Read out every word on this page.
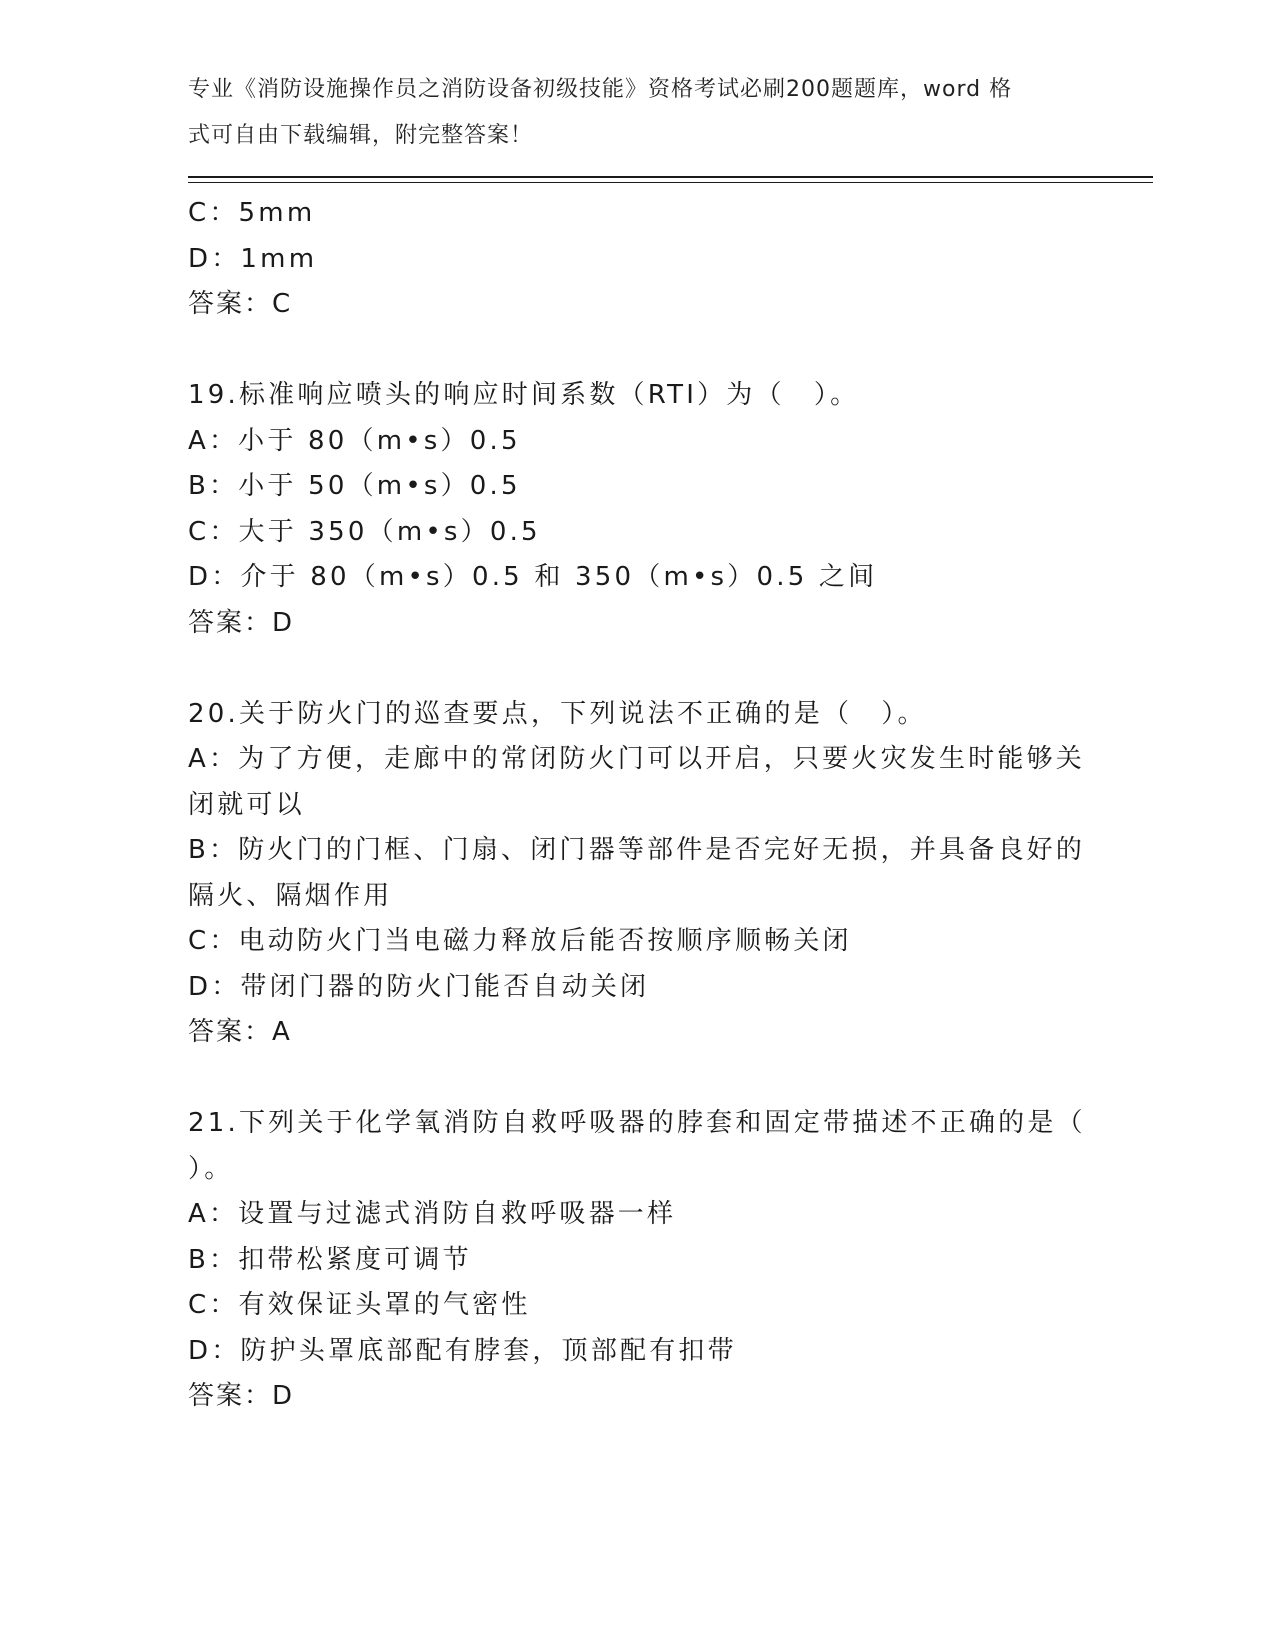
专业《消防设施操作员之消防设备初级技能》资格考试必刷200题题库，word 格
式可自由下载编辑，附完整答案！
C：5mm
D：1mm
答案：C
19.标准响应喷头的响应时间系数（RTI）为（　）。
A：小于 80（m•s）0.5
B：小于 50（m•s）0.5
C：大于 350（m•s）0.5
D：介于 80（m•s）0.5 和 350（m•s）0.5 之间
答案：D
20.关于防火门的巡查要点，下列说法不正确的是（　）。
A：为了方便，走廊中的常闭防火门可以开启，只要火灾发生时能够关
闭就可以
B：防火门的门框、门扇、闭门器等部件是否完好无损，并具备良好的
隔火、隔烟作用
C：电动防火门当电磁力释放后能否按顺序顺畅关闭
D：带闭门器的防火门能否自动关闭
答案：A
21.下列关于化学氧消防自救呼吸器的脖套和固定带描述不正确的是（
）。
A：设置与过滤式消防自救呼吸器一样
B：扣带松紧度可调节
C：有效保证头罩的气密性
D：防护头罩底部配有脖套，顶部配有扣带
答案：D
